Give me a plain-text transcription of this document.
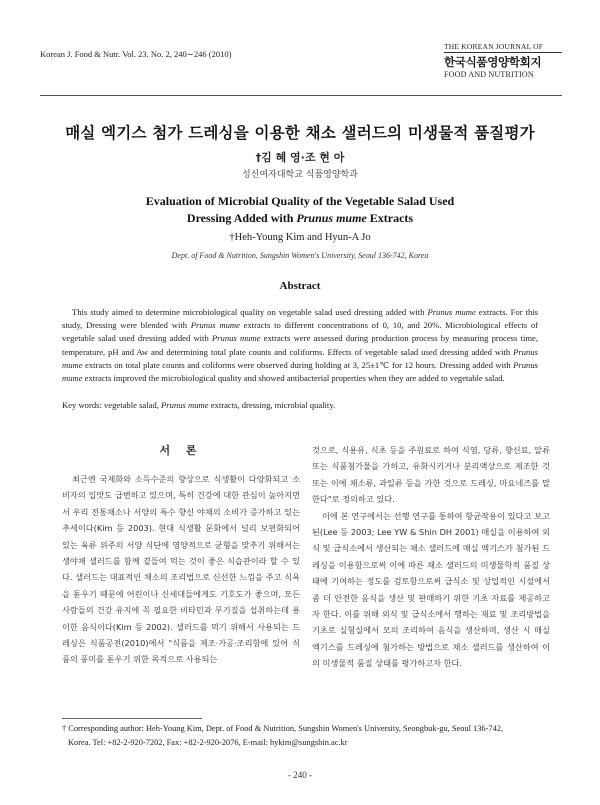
Korean J. Food & Nutr. Vol. 23. No. 2, 240∼246 (2010)
THE KOREAN JOURNAL OF
한국식품영양학회지
FOOD AND NUTRITION
매실 엑기스 첨가 드레싱을 이용한 채소 샐러드의 미생물적 품질평가
†김 혜 영·조 현 아
성신여자대학교 식품영양학과
Evaluation of Microbial Quality of the Vegetable Salad Used
Dressing Added with Prunus mume Extracts
†Heh-Young Kim and Hyun-A Jo
Dept. of Food & Nutrition, Sungshin Women's University, Seoul 136-742, Korea
Abstract
This study aimed to determine microbiological quality on vegetable salad used dressing added with Prunus mume extracts. For this study, Dressing were blended with Prunus mume extracts to different concentrations of 0, 10, and 20%. Microbiological effects of vegetable salad used dressing added with Prunus mume extracts were assessed during production process by measuring process time, temperature, pH and Aw and determining total plate counts and coliforms. Effects of vegetable salad used dressing added with Prunus mume extracts on total plate counts and coliforms were observed during holding at 3, 25±1℃ for 12 hours. Dressing added with Prunus mume extracts improved the microbiological quality and showed antibacterial properties when they are added to vegetable salad.
Key words: vegetable salad, Prunus mume extracts, dressing, microbial quality.
서 론

최근엔 국제화와 소득수준의 향상으로 식생활이 다양화되고 소비자의 입맛도 급변하고 있으며, 특히 건강에 대한 관심이 높아지면서 우리 전통채소나 서양의 특수 향신 야채의 소비가 증가하고 있는 추세이다(Kim 등 2003). 현대 식생활 문화에서 널리 보편화되어 있는 육류 위주의 서양 식단에 영양적으로 균형을 맞추기 위해서는 생야채 샐러드를 함께 곁들여 먹는 것이 좋은 식습관이라 할 수 있다. 샐러드는 대표적인 채소의 조리법으로 신선한 느낌을 주고 식욕을 돋우기 때문에 어린이나 신세대들에게도 기호도가 좋으며, 모든 사람들의 건강 유지에 꼭 필요한 비타민과 무기질을 섭취하는데 용이한 음식이다(Kim 등 2002). 샐러드를 먹기 위해서 사용되는 드레싱은 식품공전(2010)에서 "식품을 제조·가공·조리함에 있어 식품의 풍미를 돋우기 위한 목적으로 사용되는

것으로, 식용유, 식초 등을 주원료로 하여 식염, 당류, 향신료, 알류 또는 식품첨가물을 가하고, 유화시키거나 분리액상으로 제조한 것 또는 이에 채소류, 과일류 등을 가한 것으로 드레싱, 마요네즈를 말한다"로 정의하고 있다.

이에 본 연구에서는 선행 연구를 통하여 항균작용이 있다고 보고된(Lee 등 2003; Lee YW & Shin DH 2001) 매실을 이용하여 외식 및 급식소에서 생산되는 채소 샐러드에 매실 엑기스가 첨가된 드레싱을 이용함으로써 이에 따른 채소 샐러드의 미생물학적 품질 상태에 기여하는 정도를 검토함으로써 급식소 및 상업적인 시설에서 좀 더 안전한 음식을 생산 및 판매하기 위한 기초 자료를 제공하고자 한다. 이를 위해 외식 및 급식소에서 행하는 재료 및 조리방법을 기초로 실험실에서 모의 조리하여 음식을 생산하며, 생산 시 매실 엑기스를 드레싱에 첨가하는 방법으로 채소 샐러드를 생산하여 이의 미생물적 품질 상태를 평가하고자 한다.

† Corresponding author: Heh-Young Kim, Dept. of Food & Nutrition, Sungshin Women's University, Seongbuk-gu, Seoul 136-742,
Korea. Tel: +82-2-920-7202, Fax: +82-2-920-2076, E-mail: hykim@sungshin.ac.kr
- 240 -
